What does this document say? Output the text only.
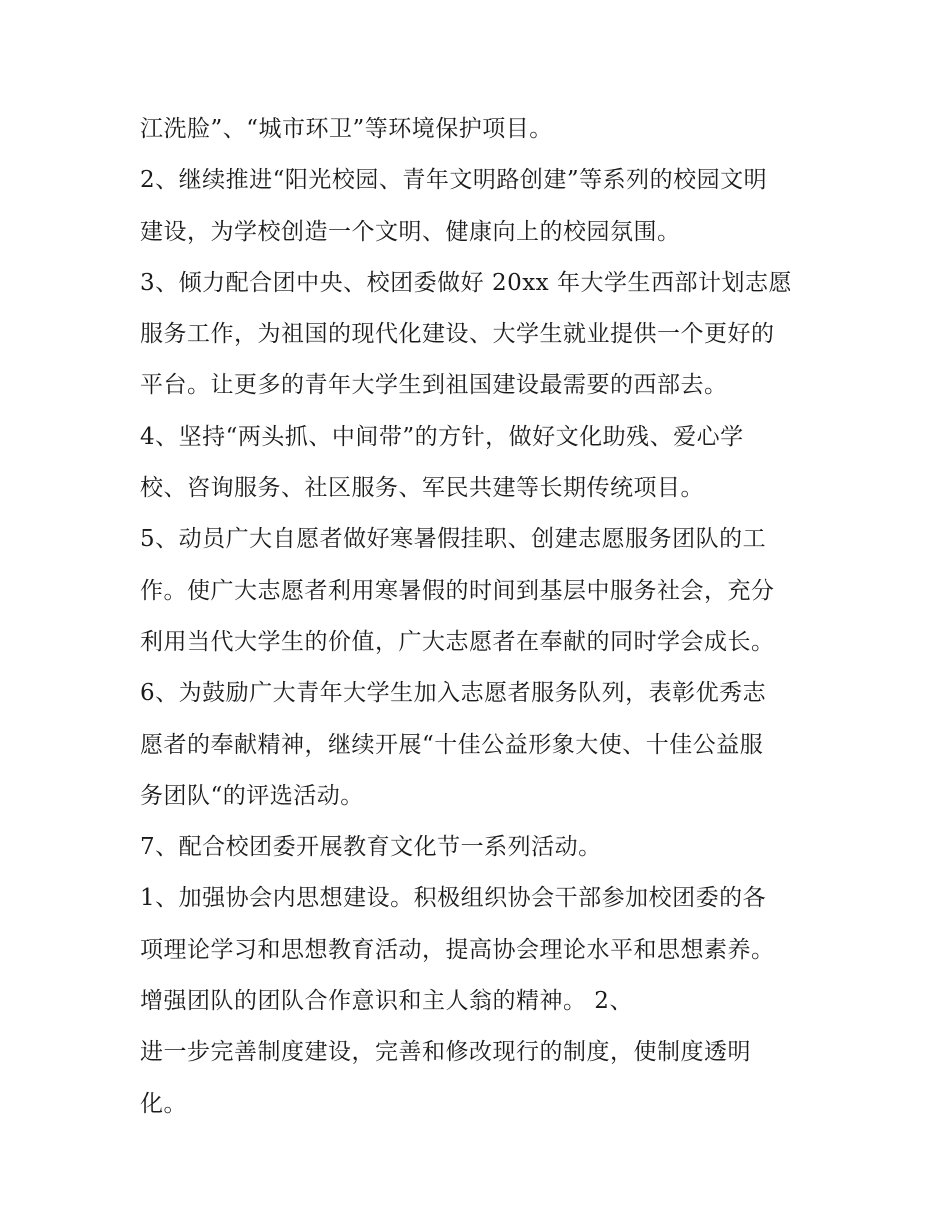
江洗脸”、“城市环卫”等环境保护项目。
2、继续推进“阳光校园、青年文明路创建”等系列的校园文明
建设，为学校创造一个文明、健康向上的校园氛围。
3、倾力配合团中央、校团委做好 20xx 年大学生西部计划志愿
服务工作，为祖国的现代化建设、大学生就业提供一个更好的
平台。让更多的青年大学生到祖国建设最需要的西部去。
4、坚持“两头抓、中间带”的方针，做好文化助残、爱心学
校、咨询服务、社区服务、军民共建等长期传统项目。
5、动员广大自愿者做好寒暑假挂职、创建志愿服务团队的工
作。使广大志愿者利用寒暑假的时间到基层中服务社会，充分
利用当代大学生的价值，广大志愿者在奉献的同时学会成长。
6、为鼓励广大青年大学生加入志愿者服务队列，表彰优秀志
愿者的奉献精神，继续开展“十佳公益形象大使、十佳公益服
务团队“的评选活动。
7、配合校团委开展教育文化节一系列活动。
1、加强协会内思想建设。积极组织协会干部参加校团委的各
项理论学习和思想教育活动，提高协会理论水平和思想素养。
增强团队的团队合作意识和主人翁的精神。 2、
进一步完善制度建设，完善和修改现行的制度，使制度透明
化。
